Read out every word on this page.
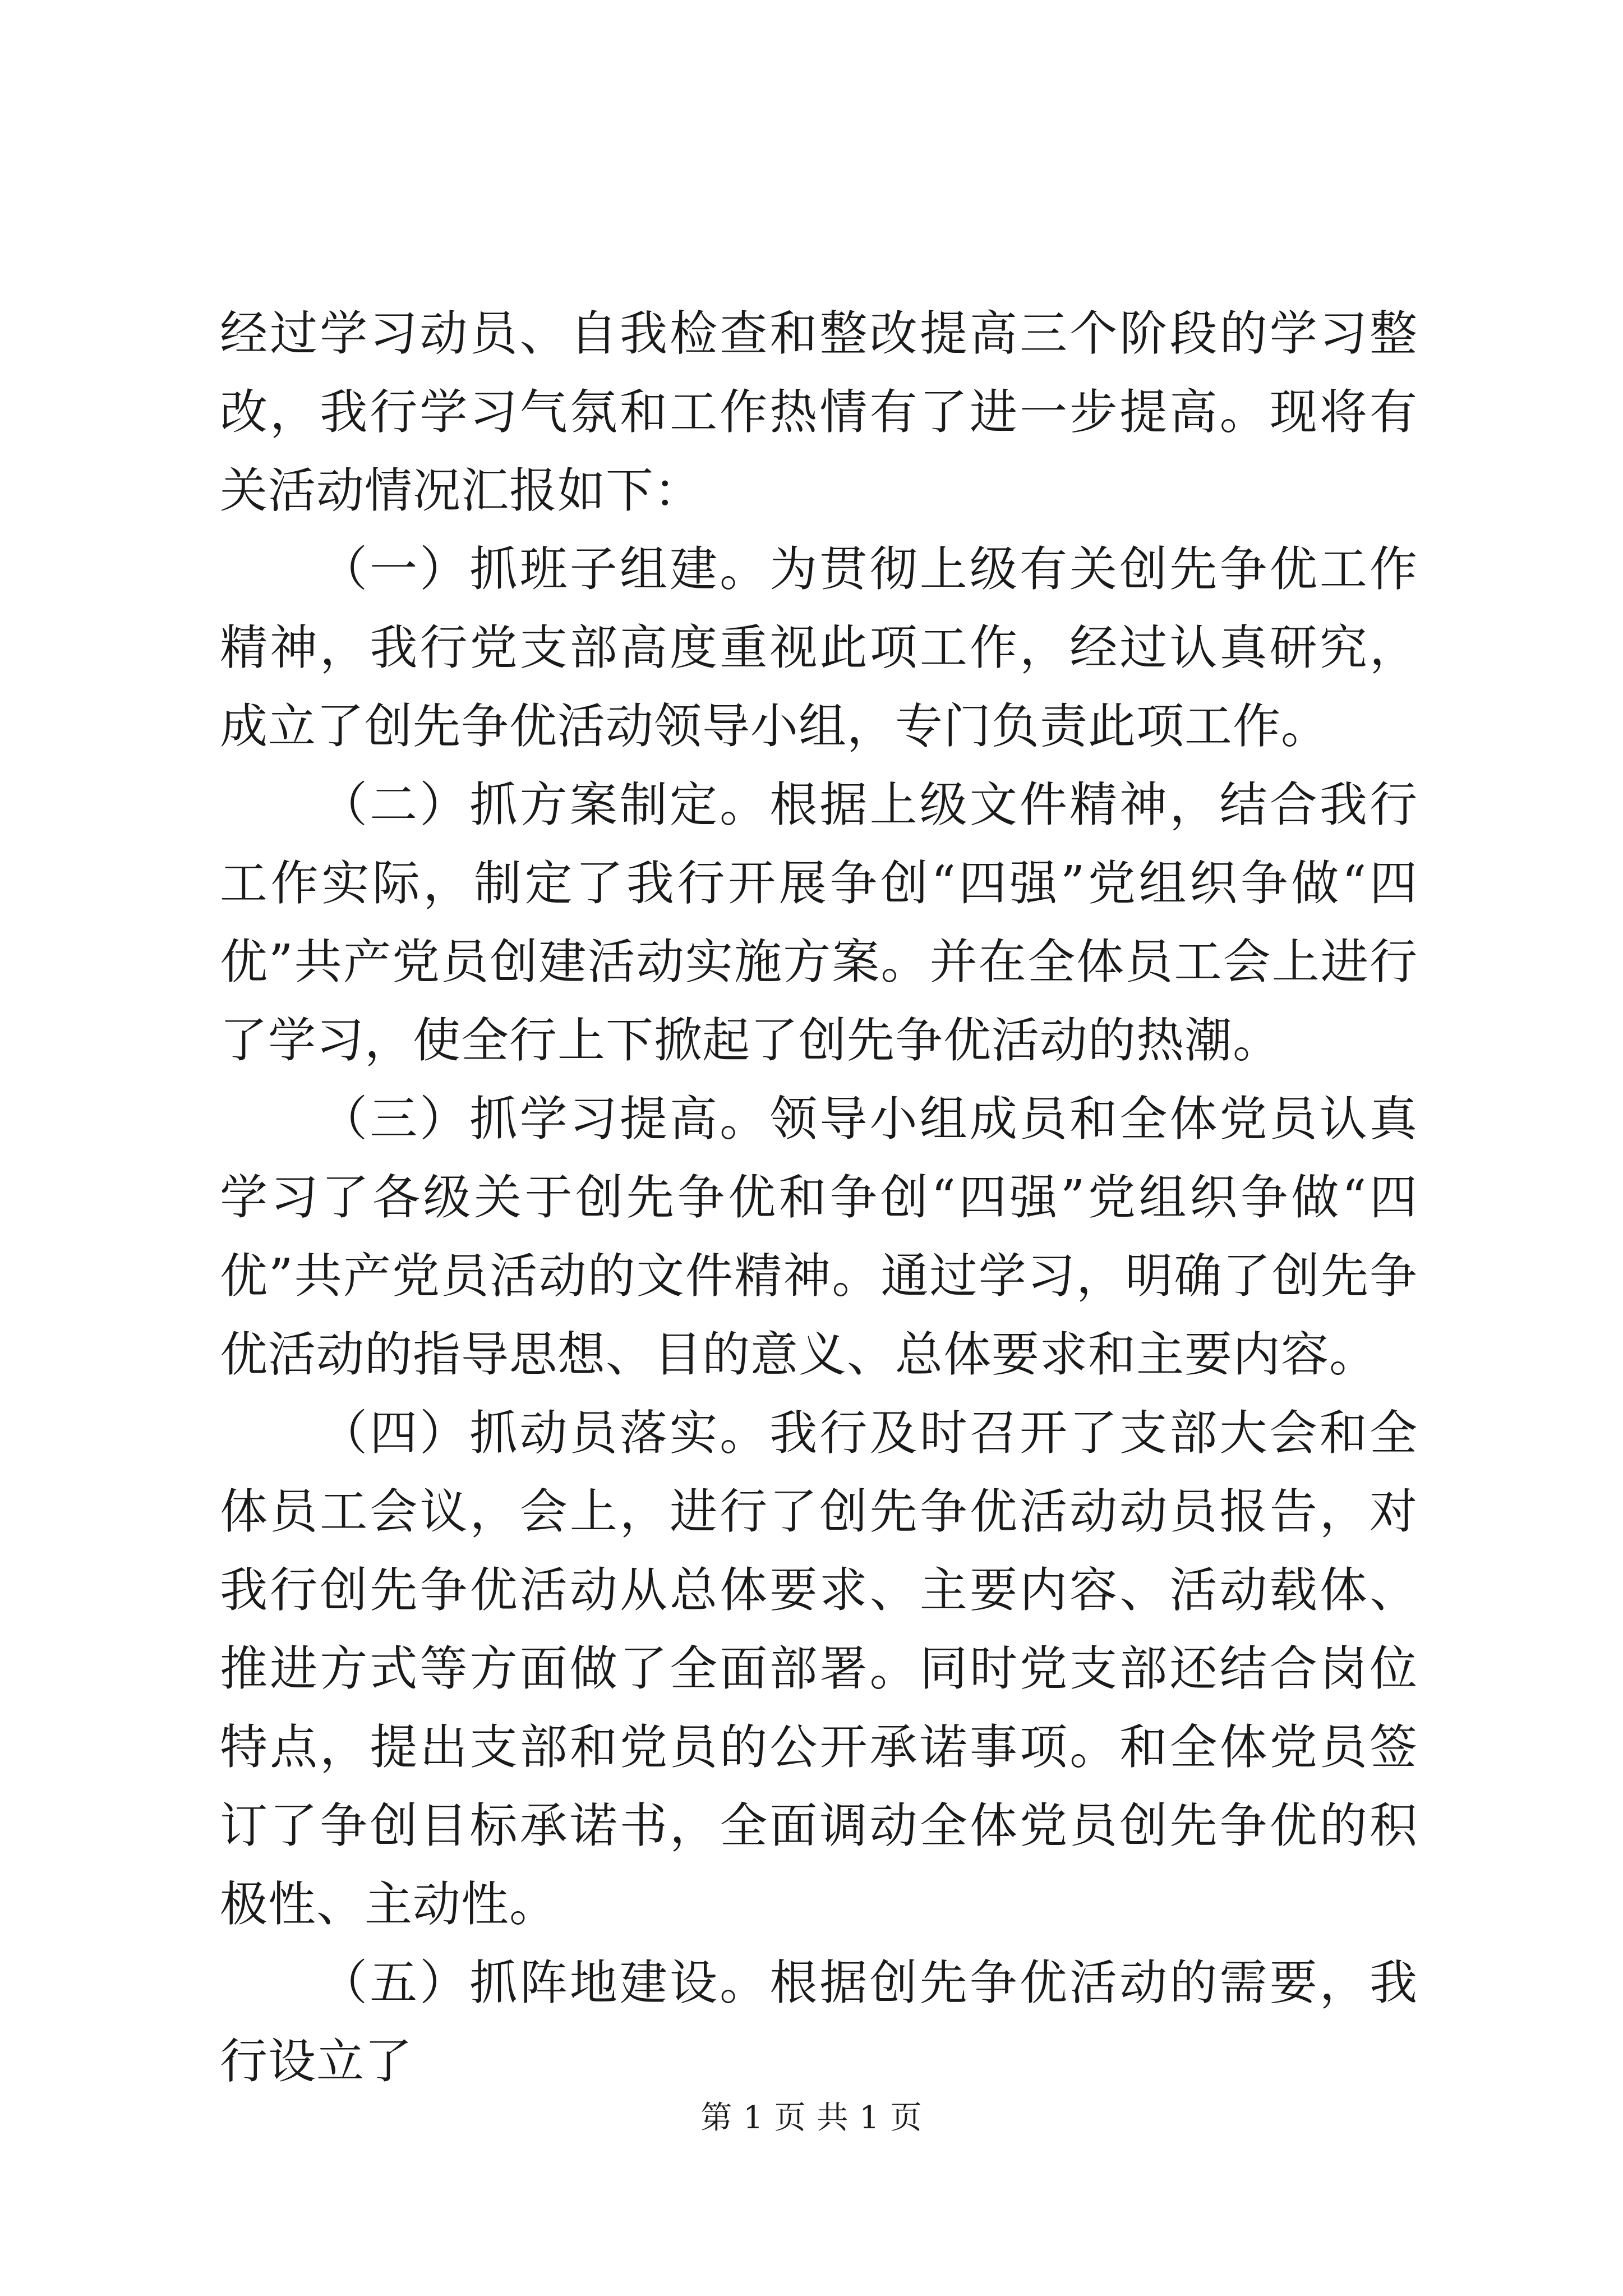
经过学习动员、自我检查和整改提高三个阶段的学习整改，我行学习气氛和工作热情有了进一步提高。现将有关活动情况汇报如下：

（一）抓班子组建。为贯彻上级有关创先争优工作精神，我行党支部高度重视此项工作，经过认真研究，成立了创先争优活动领导小组，专门负责此项工作。

（二）抓方案制定。根据上级文件精神，结合我行工作实际，制定了我行开展争创“四强”党组织争做“四优”共产党员创建活动实施方案。并在全体员工会上进行了学习，使全行上下掀起了创先争优活动的热潮。

（三）抓学习提高。领导小组成员和全体党员认真学习了各级关于创先争优和争创“四强”党组织争做“四优”共产党员活动的文件精神。通过学习，明确了创先争优活动的指导思想、目的意义、总体要求和主要内容。

（四）抓动员落实。我行及时召开了支部大会和全体员工会议，会上，进行了创先争优活动动员报告，对我行创先争优活动从总体要求、主要内容、活动载体、推进方式等方面做了全面部署。同时党支部还结合岗位特点，提出支部和党员的公开承诺事项。和全体党员签订了争创目标承诺书，全面调动全体党员创先争优的积极性、主动性。

（五）抓阵地建设。根据创先争优活动的需要，我行设立了

第 1 页 共 1 页
